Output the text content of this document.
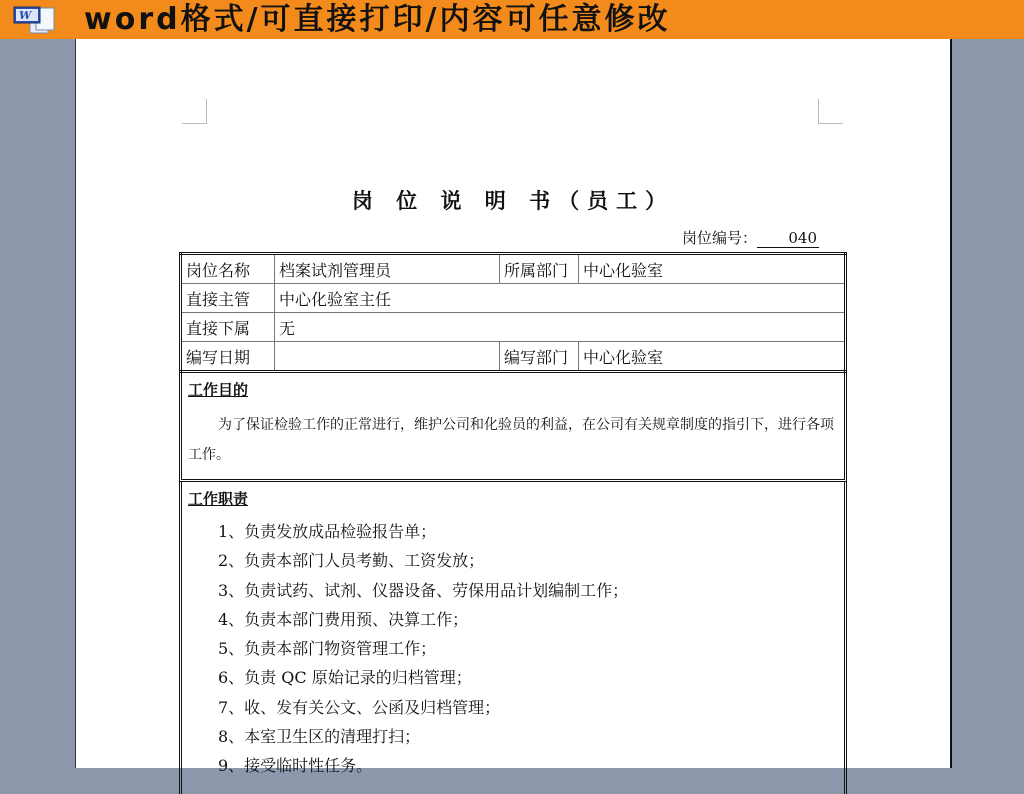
W word格式/可直接打印/内容可任意修改
岗 位 说 明 书（员工）
岗位编号： 040
岗位名称	档案试剂管理员	所属部门	中心化验室
直接主管	中心化验室主任		
直接下属	无		
编写日期		编写部门	中心化验室
工作目的

为了保证检验工作的正常进行，维护公司和化验员的利益，在公司有关规章制度的指引下，进行各项工作。

工作职责
1、负责发放成品检验报告单；
2、负责本部门人员考勤、工资发放；
3、负责试药、试剂、仪器设备、劳保用品计划编制工作；
4、负责本部门费用预、决算工作；
5、负责本部门物资管理工作；
6、负责 QC 原始记录的归档管理；
7、收、发有关公文、公函及归档管理；
8、本室卫生区的清理打扫；
9、接受临时性任务。
